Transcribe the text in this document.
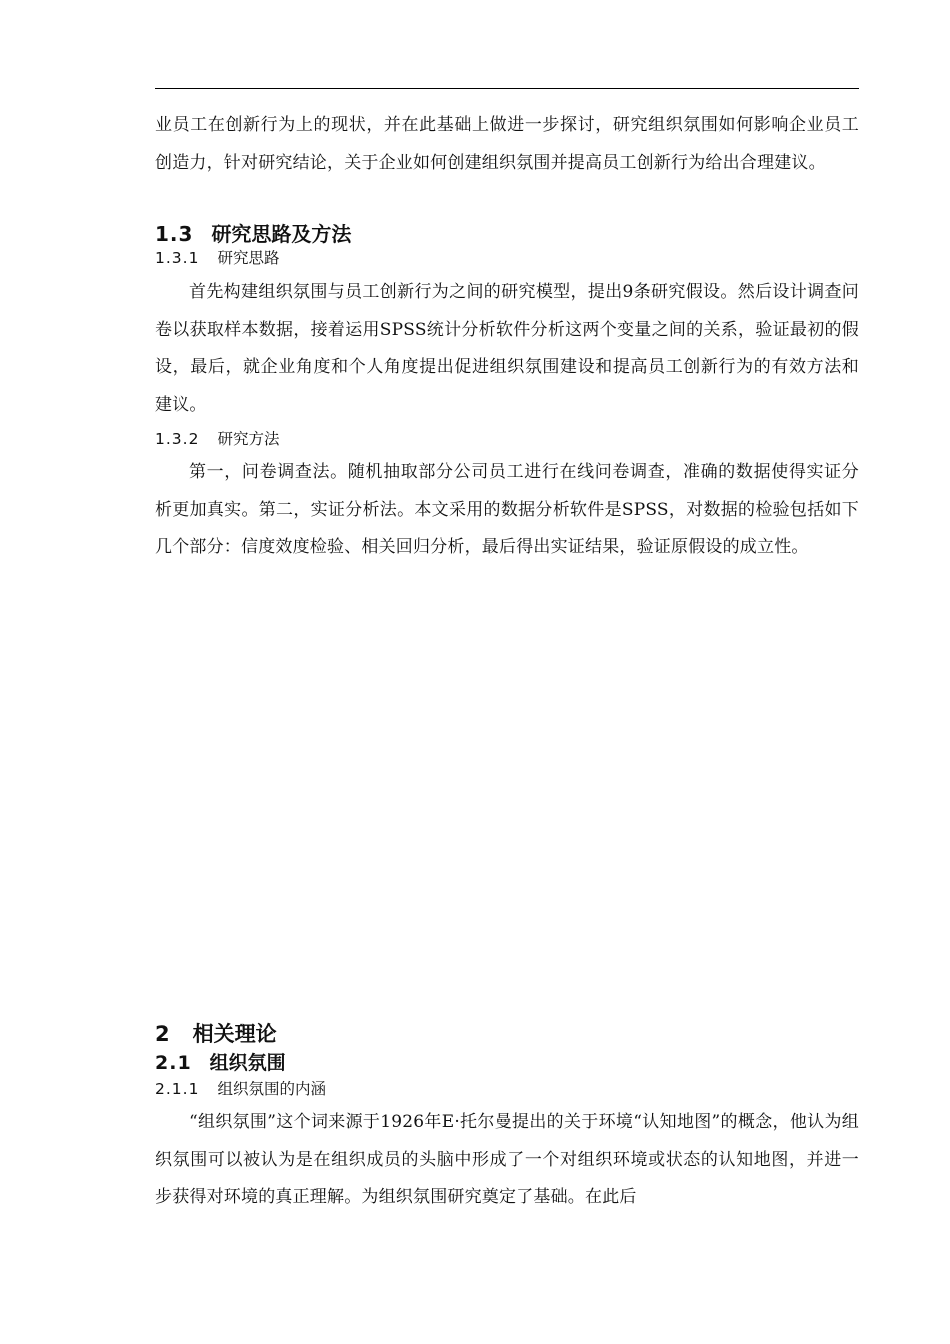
业员工在创新行为上的现状，并在此基础上做进一步探讨，研究组织氛围如何影响企业员工创造力，针对研究结论，关于企业如何创建组织氛围并提高员工创新行为给出合理建议。

1.3 研究思路及方法
1.3.1 研究思路

首先构建组织氛围与员工创新行为之间的研究模型，提出9条研究假设。然后设计调查问卷以获取样本数据，接着运用SPSS统计分析软件分析这两个变量之间的关系，验证最初的假设，最后，就企业角度和个人角度提出促进组织氛围建设和提高员工创新行为的有效方法和建议。

1.3.2 研究方法

第一，问卷调查法。随机抽取部分公司员工进行在线问卷调查，准确的数据使得实证分析更加真实。第二，实证分析法。本文采用的数据分析软件是SPSS，对数据的检验包括如下几个部分：信度效度检验、相关回归分析，最后得出实证结果，验证原假设的成立性。

2 相关理论
2.1 组织氛围
2.1.1 组织氛围的内涵

“组织氛围”这个词来源于1926年E·托尔曼提出的关于环境“认知地图”的概念，他认为组织氛围可以被认为是在组织成员的头脑中形成了一个对组织环境或状态的认知地图，并进一步获得对环境的真正理解。为组织氛围研究奠定了基础。在此后
